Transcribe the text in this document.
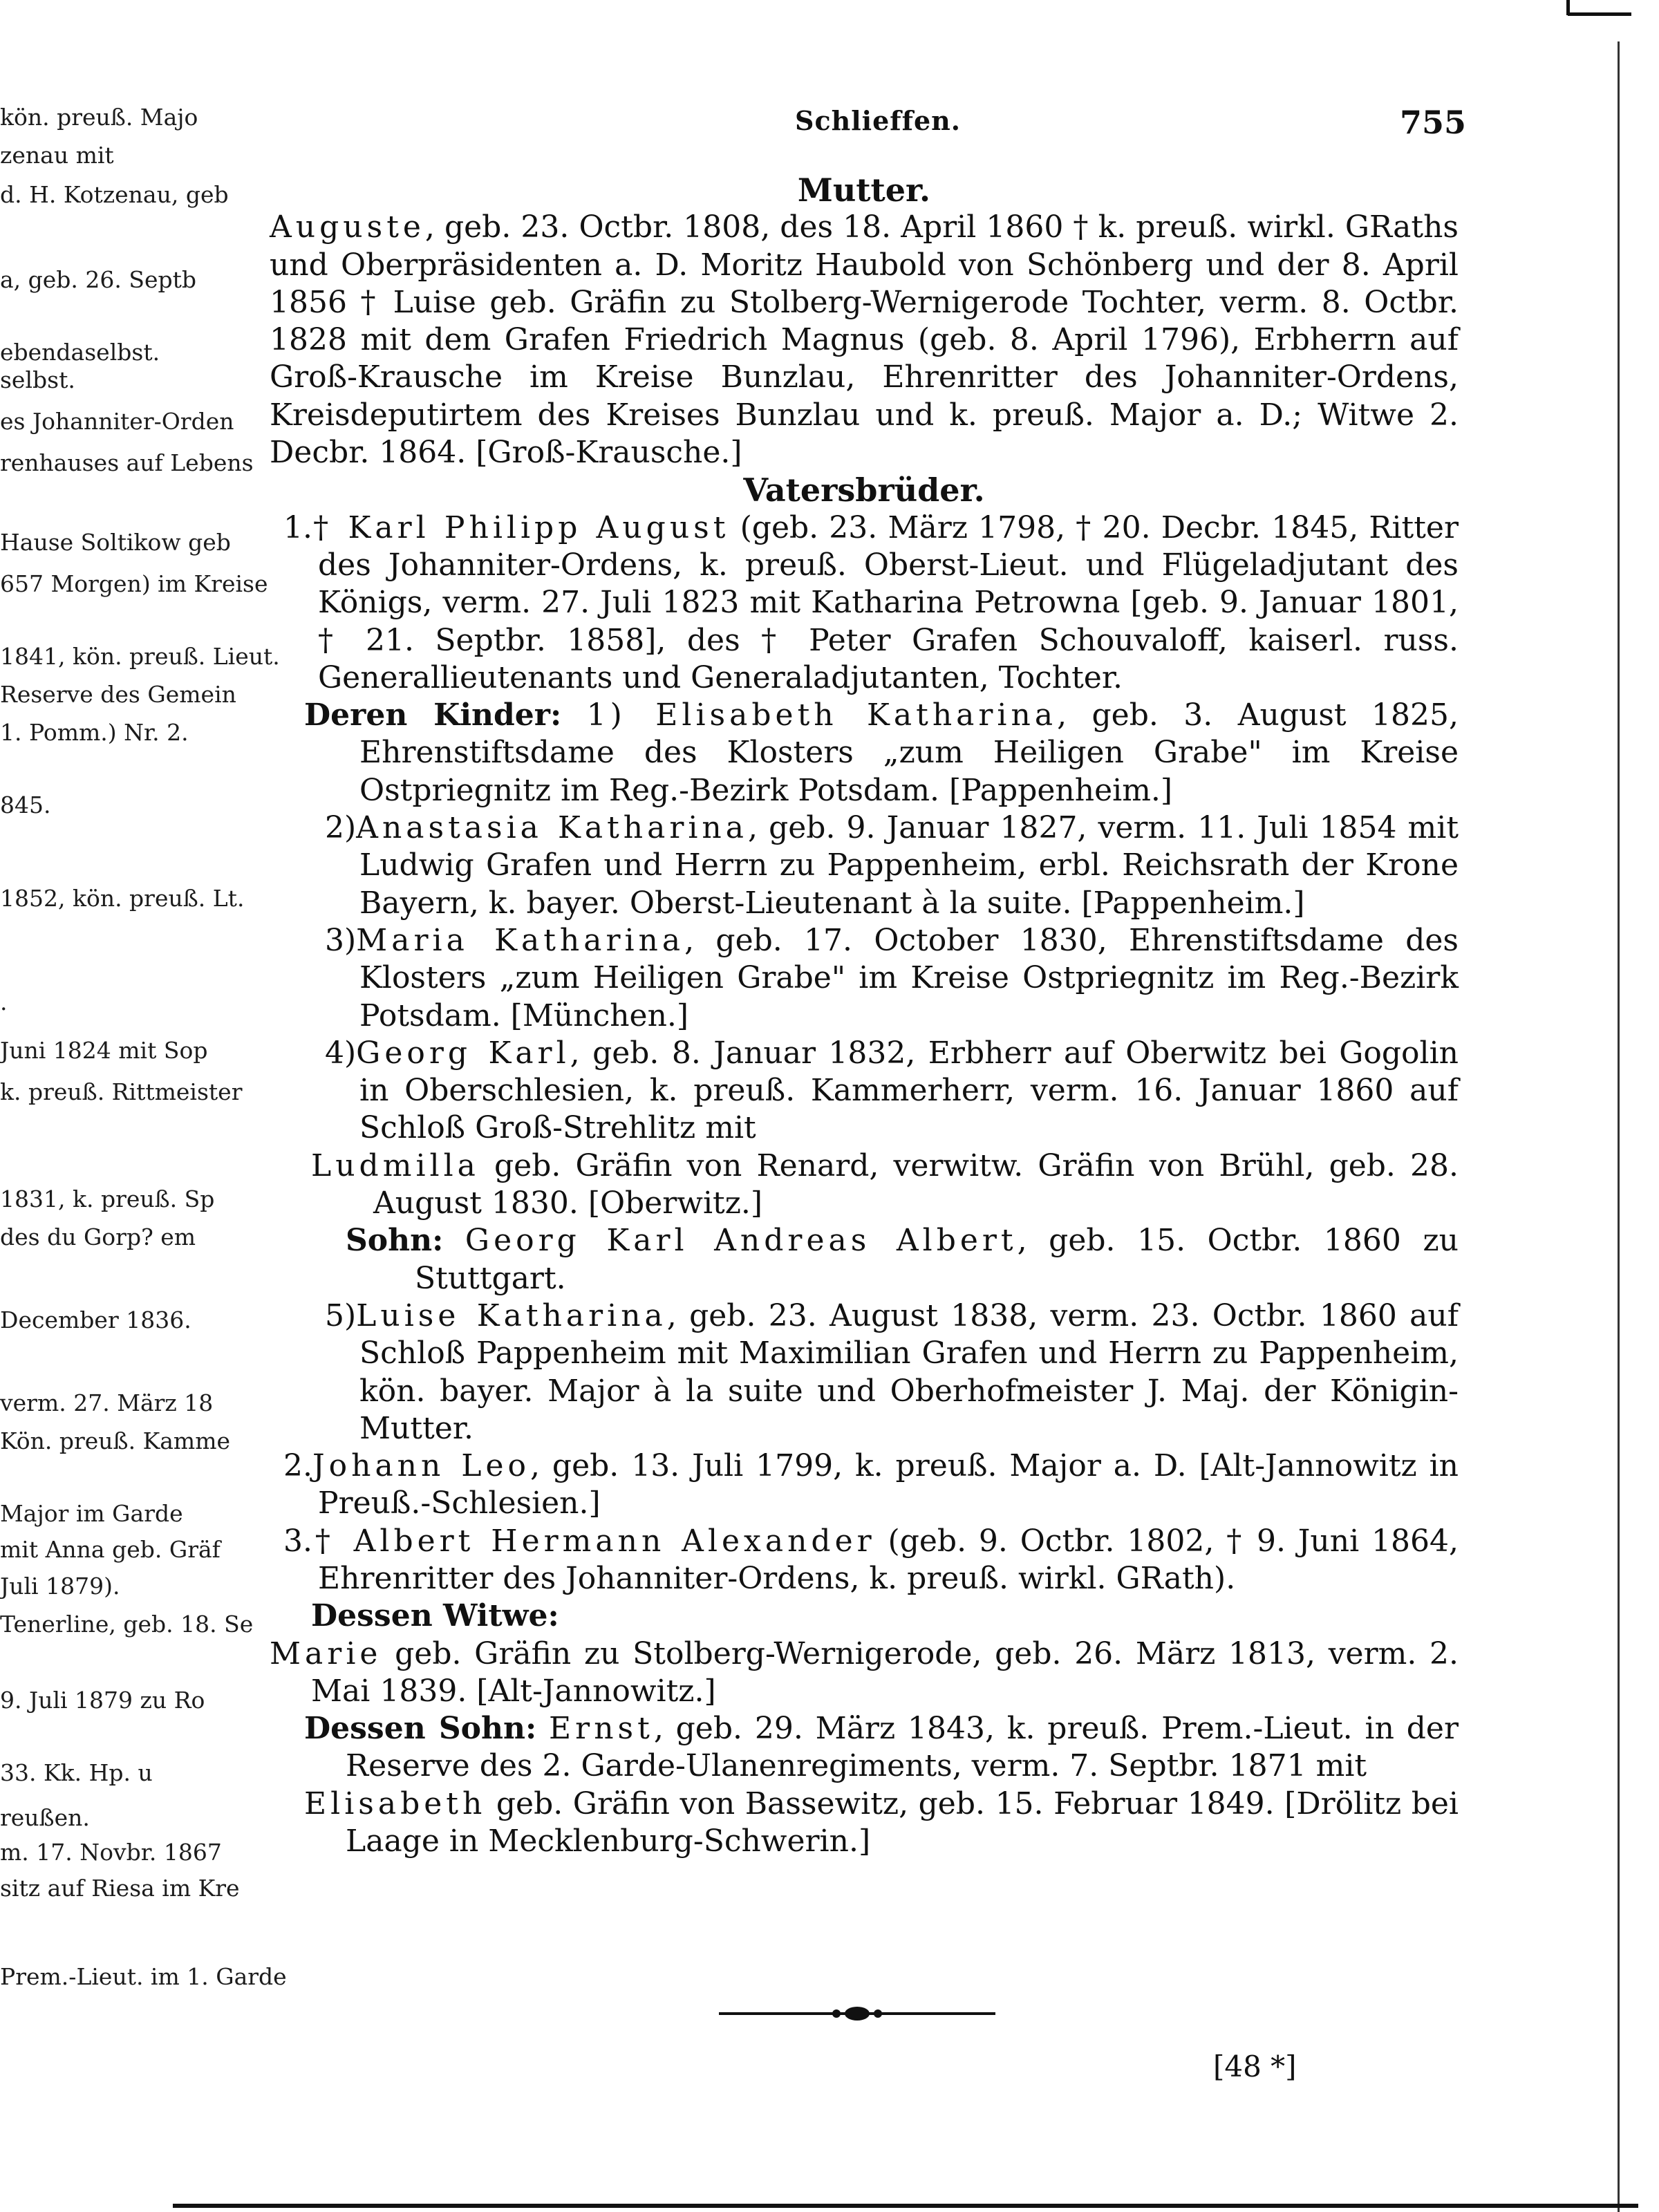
kön. preuß. Majo
zenau mit
d. H. Kotzenau, geb
a, geb. 26. Septb
ebendaselbst.
selbst.
es Johanniter-Orden
renhauses auf Lebens
Hause Soltikow geb
657 Morgen) im Kreise
1841, kön. preuß. Lieut.
Reserve des Gemein
1. Pomm.) Nr. 2.
845.
1852, kön. preuß. Lt.
.
Juni 1824 mit Sop
k. preuß. Rittmeister
1831, k. preuß. Sp
des du Gorp? em
December 1836.
verm. 27. März 18
Kön. preuß. Kamme
Major im Garde
mit Anna geb. Gräf
Juli 1879).
Tenerline, geb. 18. Se
9. Juli 1879 zu Ro
33. Kk. Hp. u
reußen.
m. 17. Novbr. 1867
sitz auf Riesa im Kre
Prem.-Lieut. im 1. Garde
Schlieffen.	755
Mutter.
Auguste, geb. 23. Octbr. 1808, des 18. April 1860 † k. preuß. wirkl. GRaths und Oberpräsidenten a. D. Moritz Haubold von Schönberg und der 8. April 1856 † Luise geb. Gräfin zu Stolberg-Wernigerode Tochter, verm. 8. Octbr. 1828 mit dem Grafen Friedrich Magnus (geb. 8. April 1796), Erbherrn auf Groß-Krausche im Kreise Bunzlau, Ehrenritter des Johanniter-Ordens, Kreisdeputirtem des Kreises Bunzlau und k. preuß. Major a. D.; Witwe 2. Decbr. 1864. [Groß-Krausche.]
Vatersbrüder.
1.† Karl Philipp August (geb. 23. März 1798, † 20. Decbr. 1845, Ritter des Johanniter-Ordens, k. preuß. Oberst-Lieut. und Flügeladjutant des Königs, verm. 27. Juli 1823 mit Katharina Petrowna [geb. 9. Januar 1801, † 21. Septbr. 1858], des † Peter Grafen Schouvaloff, kaiserl. russ. Generallieutenants und Generaladjutanten, Tochter.
Deren Kinder: 1) Elisabeth Katharina, geb. 3. August 1825, Ehrenstiftsdame des Klosters „zum Heiligen Grabe" im Kreise Ostpriegnitz im Reg.-Bezirk Potsdam. [Pappenheim.]
2)Anastasia Katharina, geb. 9. Januar 1827, verm. 11. Juli 1854 mit Ludwig Grafen und Herrn zu Pappenheim, erbl. Reichsrath der Krone Bayern, k. bayer. Oberst-Lieutenant à la suite. [Pappenheim.]
3)Maria Katharina, geb. 17. October 1830, Ehrenstiftsdame des Klosters „zum Heiligen Grabe" im Kreise Ostpriegnitz im Reg.-Bezirk Potsdam. [München.]
4)Georg Karl, geb. 8. Januar 1832, Erbherr auf Oberwitz bei Gogolin in Oberschlesien, k. preuß. Kammerherr, verm. 16. Januar 1860 auf Schloß Groß-Strehlitz mit
Ludmilla geb. Gräfin von Renard, verwitw. Gräfin von Brühl, geb. 28. August 1830. [Oberwitz.]
Sohn: Georg Karl Andreas Albert, geb. 15. Octbr. 1860 zu Stuttgart.
5)Luise Katharina, geb. 23. August 1838, verm. 23. Octbr. 1860 auf Schloß Pappenheim mit Maximilian Grafen und Herrn zu Pappenheim, kön. bayer. Major à la suite und Oberhofmeister J. Maj. der Königin-Mutter.
2.Johann Leo, geb. 13. Juli 1799, k. preuß. Major a. D. [Alt-Jannowitz in Preuß.-Schlesien.]
3.† Albert Hermann Alexander (geb. 9. Octbr. 1802, † 9. Juni 1864, Ehrenritter des Johanniter-Ordens, k. preuß. wirkl. GRath).
Dessen Witwe:
Marie geb. Gräfin zu Stolberg-Wernigerode, geb. 26. März 1813, verm. 2. Mai 1839. [Alt-Jannowitz.]
Dessen Sohn: Ernst, geb. 29. März 1843, k. preuß. Prem.-Lieut. in der Reserve des 2. Garde-Ulanenregiments, verm. 7. Septbr. 1871 mit
Elisabeth geb. Gräfin von Bassewitz, geb. 15. Februar 1849. [Drölitz bei Laage in Mecklenburg-Schwerin.]
[48 *]
